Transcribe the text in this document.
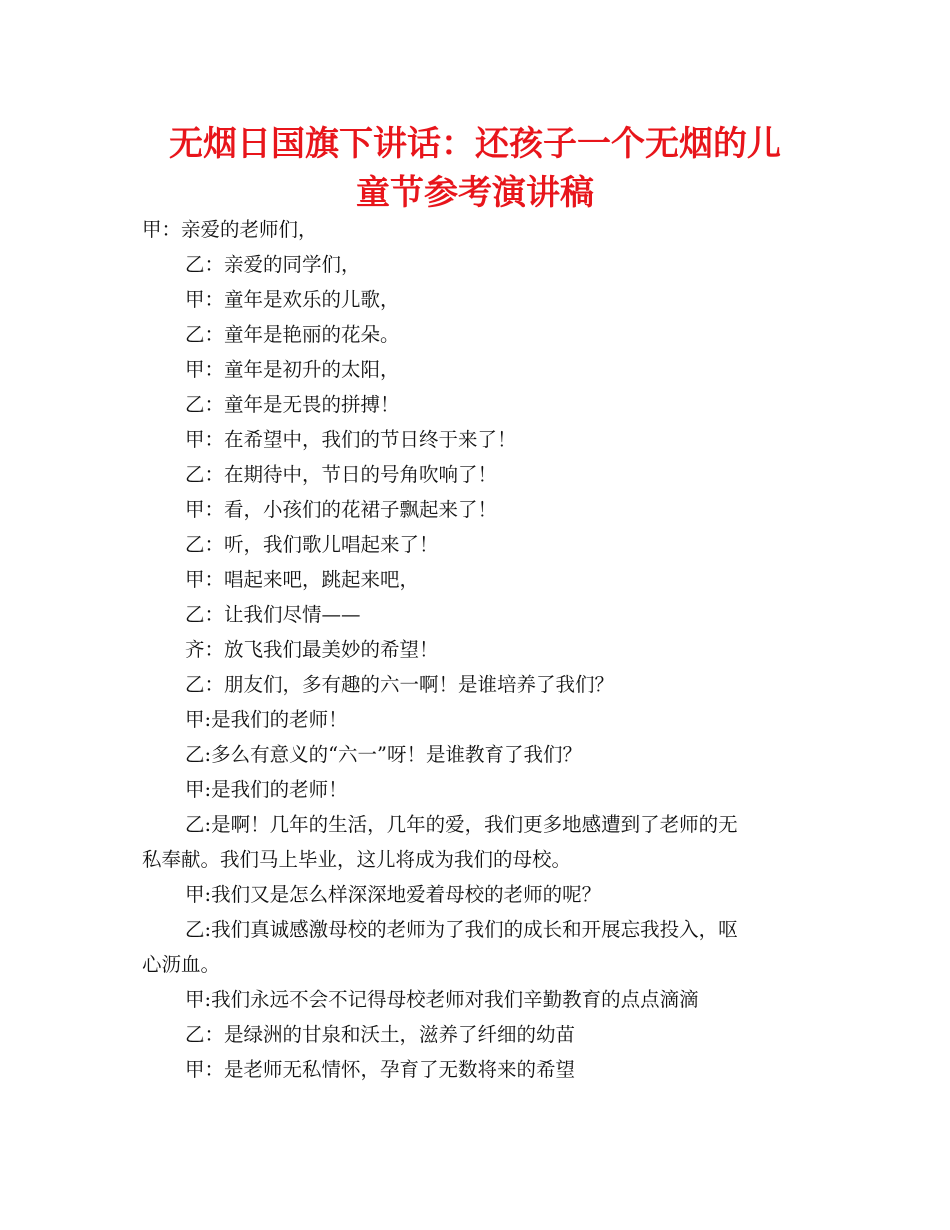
无烟日国旗下讲话：还孩子一个无烟的儿
童节参考演讲稿
甲：亲爱的老师们，
乙：亲爱的同学们，
甲：童年是欢乐的儿歌，
乙：童年是艳丽的花朵。
甲：童年是初升的太阳，
乙：童年是无畏的拼搏！
甲：在希望中，我们的节日终于来了！
乙：在期待中，节日的号角吹响了！
甲：看，小孩们的花裙子飘起来了！
乙：听，我们歌儿唱起来了！
甲：唱起来吧，跳起来吧，
乙：让我们尽情——
齐：放飞我们最美妙的希望！
乙：朋友们，多有趣的六一啊！是谁培养了我们？
甲:是我们的老师！
乙:多么有意义的“六一”呀！是谁教育了我们？
甲:是我们的老师！
乙:是啊！几年的生活，几年的爱，我们更多地感遭到了老师的无
私奉献。我们马上毕业，这儿将成为我们的母校。
甲:我们又是怎么样深深地爱着母校的老师的呢？
乙:我们真诚感激母校的老师为了我们的成长和开展忘我投入，呕
心沥血。
甲:我们永远不会不记得母校老师对我们辛勤教育的点点滴滴
乙：是绿洲的甘泉和沃土，滋养了纤细的幼苗
甲：是老师无私情怀，孕育了无数将来的希望
